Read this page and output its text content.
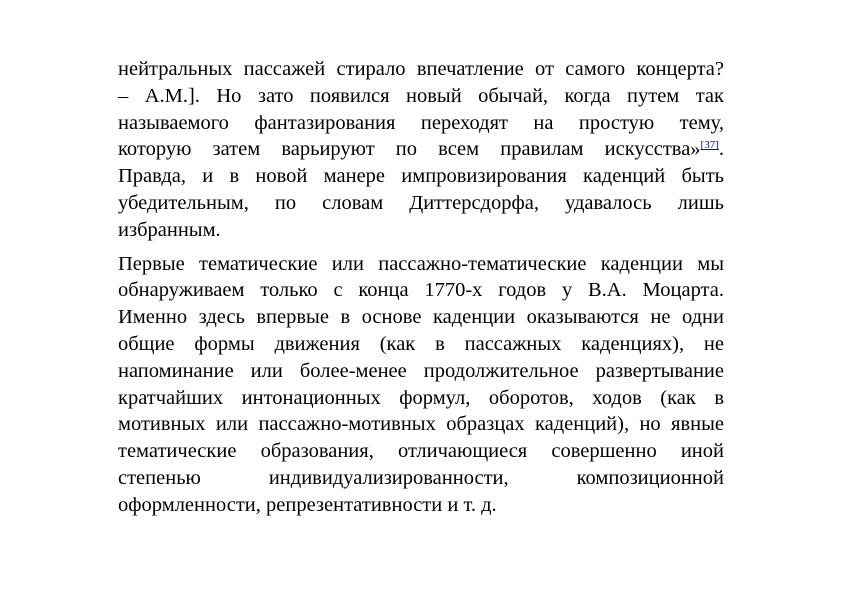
нейтральных пассажей стирало впечатление от самого концерта?
– А.М.]. Но зато появился новый обычай, когда путем так
называемого фантазирования переходят на простую тему,
которую затем варьируют по всем правилам искусства»[37].
Правда, и в новой манере импровизирования каденций быть
убедительным, по словам Диттерсдорфа, удавалось лишь
избранным.

Первые тематические или пассажно-тематические каденции мы
обнаруживаем только с конца 1770-х годов у В.А. Моцарта.
Именно здесь впервые в основе каденции оказываются не одни
общие формы движения (как в пассажных каденциях), не
напоминание или более-менее продолжительное развертывание
кратчайших интонационных формул, оборотов, ходов (как в
мотивных или пассажно-мотивных образцах каденций), но явные
тематические образования, отличающиеся совершенно иной
степенью индивидуализированности, композиционной
оформленности, репрезентативности и т. д.
